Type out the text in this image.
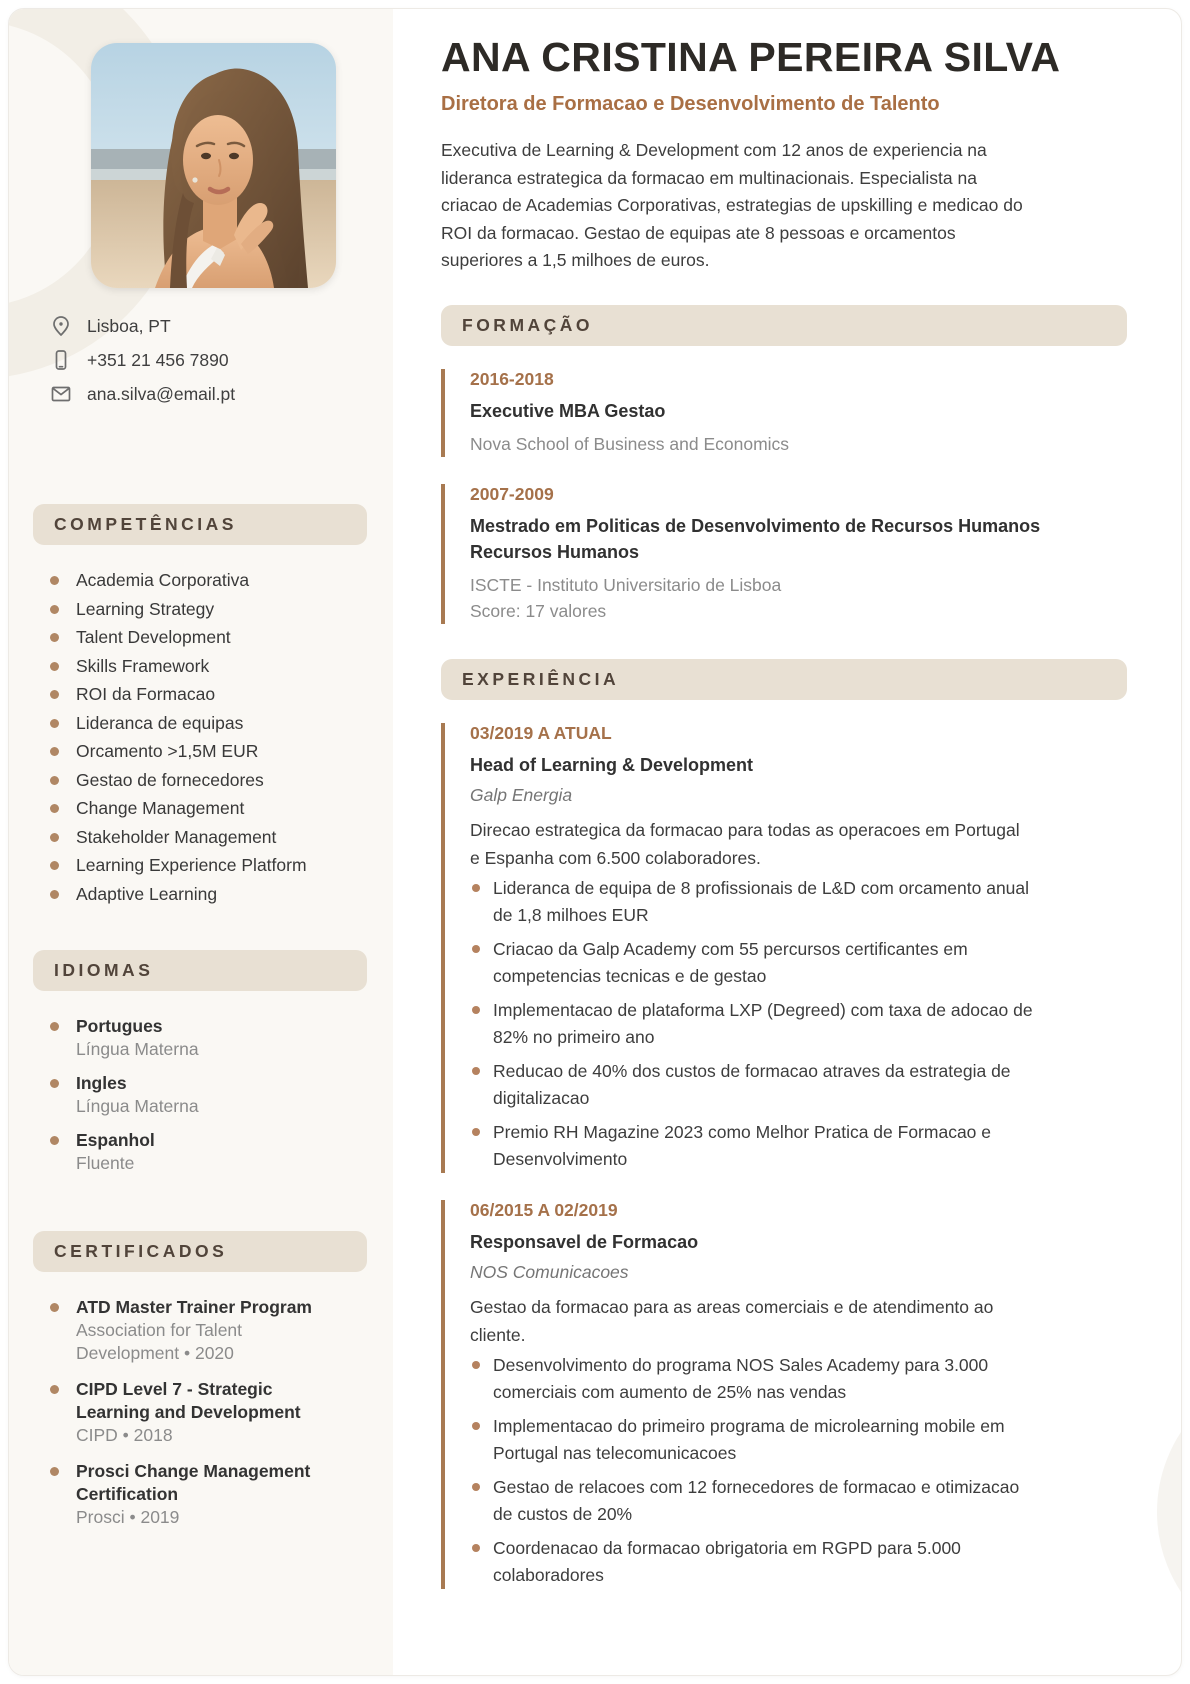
Lisboa, PT
+351 21 456 7890
ana.silva@email.pt
COMPETÊNCIAS
Academia Corporativa
Learning Strategy
Talent Development
Skills Framework
ROI da Formacao
Lideranca de equipas
Orcamento >1,5M EUR
Gestao de fornecedores
Change Management
Stakeholder Management
Learning Experience Platform
Adaptive Learning
IDIOMAS
Portugues
Língua Materna
Ingles
Língua Materna
Espanhol
Fluente
CERTIFICADOS
ATD Master Trainer Program
Association for Talent Development • 2020
CIPD Level 7 - Strategic Learning and Development
CIPD • 2018
Prosci Change Management Certification
Prosci • 2019
ANA CRISTINA PEREIRA SILVA
Diretora de Formacao e Desenvolvimento de Talento

Executiva de Learning & Development com 12 anos de experiencia na lideranca estrategica da formacao em multinacionais. Especialista na criacao de Academias Corporativas, estrategias de upskilling e medicao do ROI da formacao. Gestao de equipas ate 8 pessoas e orcamentos superiores a 1,5 milhoes de euros.

FORMAÇÃO
2016-2018
Executive MBA Gestao
Nova School of Business and Economics
2007-2009
Mestrado em Politicas de Desenvolvimento de Recursos Humanos Recursos Humanos
ISCTE - Instituto Universitario de Lisboa
Score: 17 valores
EXPERIÊNCIA
03/2019 A ATUAL
Head of Learning & Development
Galp Energia
Direcao estrategica da formacao para todas as operacoes em Portugal e Espanha com 6.500 colaboradores.
Lideranca de equipa de 8 profissionais de L&D com orcamento anual de 1,8 milhoes EUR
Criacao da Galp Academy com 55 percursos certificantes em competencias tecnicas e de gestao
Implementacao de plataforma LXP (Degreed) com taxa de adocao de 82% no primeiro ano
Reducao de 40% dos custos de formacao atraves da estrategia de digitalizacao
Premio RH Magazine 2023 como Melhor Pratica de Formacao e Desenvolvimento
06/2015 A 02/2019
Responsavel de Formacao
NOS Comunicacoes
Gestao da formacao para as areas comerciais e de atendimento ao cliente.
Desenvolvimento do programa NOS Sales Academy para 3.000 comerciais com aumento de 25% nas vendas
Implementacao do primeiro programa de microlearning mobile em Portugal nas telecomunicacoes
Gestao de relacoes com 12 fornecedores de formacao e otimizacao de custos de 20%
Coordenacao da formacao obrigatoria em RGPD para 5.000 colaboradores
